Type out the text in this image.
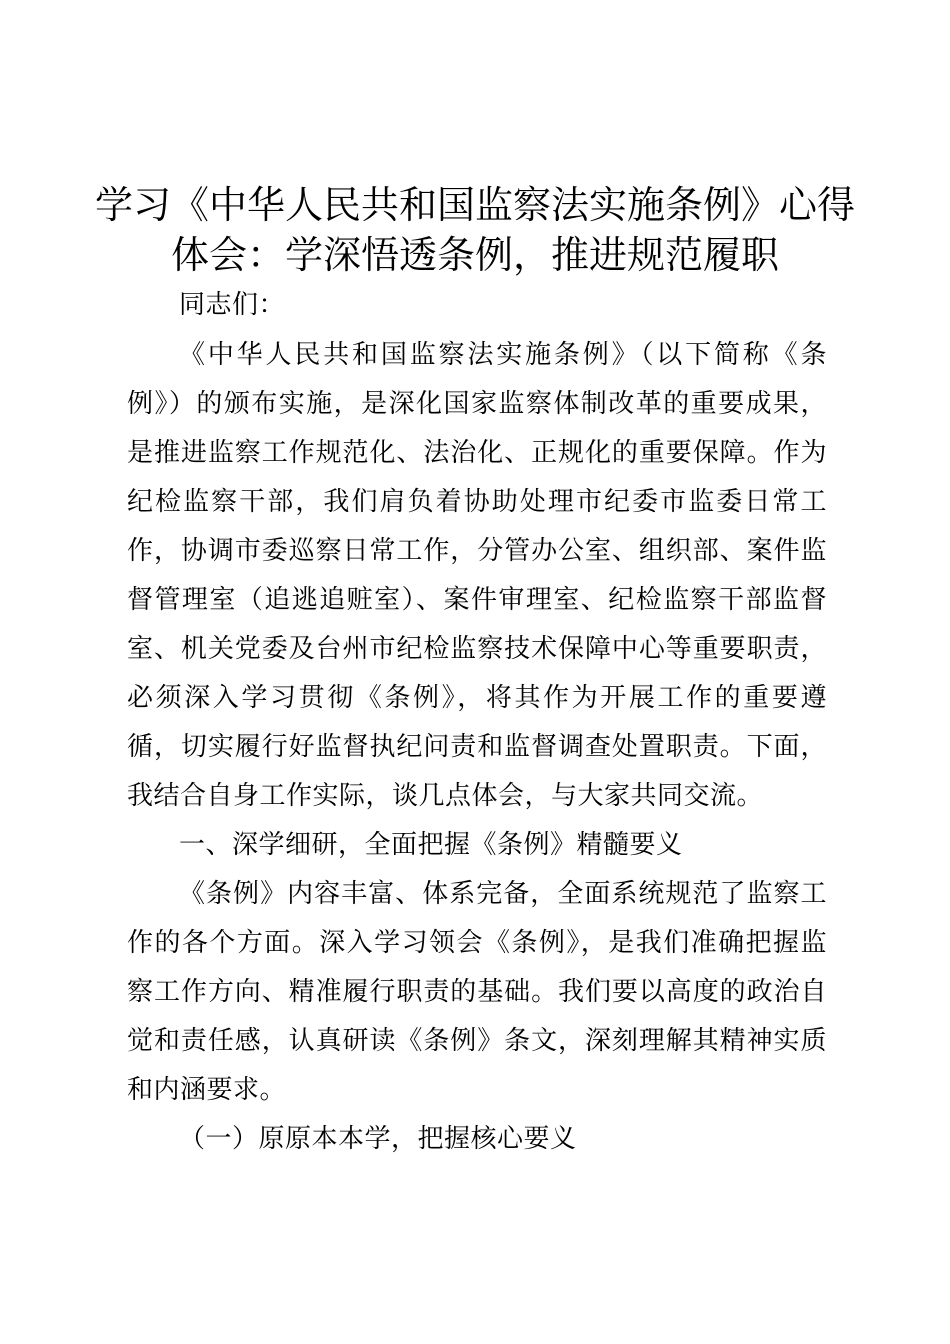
学习《中华人民共和国监察法实施条例》心得
体会：学深悟透条例，推进规范履职

同志们：

《中华人民共和国监察法实施条例》（以下简称《条例》）的颁布实施，是深化国家监察体制改革的重要成果，是推进监察工作规范化、法治化、正规化的重要保障。作为纪检监察干部，我们肩负着协助处理市纪委市监委日常工作，协调市委巡察日常工作，分管办公室、组织部、案件监督管理室（追逃追赃室）、案件审理室、纪检监察干部监督室、机关党委及台州市纪检监察技术保障中心等重要职责，必须深入学习贯彻《条例》，将其作为开展工作的重要遵循，切实履行好监督执纪问责和监督调查处置职责。下面，我结合自身工作实际，谈几点体会，与大家共同交流。

一、深学细研，全面把握《条例》精髓要义

《条例》内容丰富、体系完备，全面系统规范了监察工作的各个方面。深入学习领会《条例》，是我们准确把握监察工作方向、精准履行职责的基础。我们要以高度的政治自觉和责任感，认真研读《条例》条文，深刻理解其精神实质和内涵要求。

（一）原原本本学，把握核心要义
